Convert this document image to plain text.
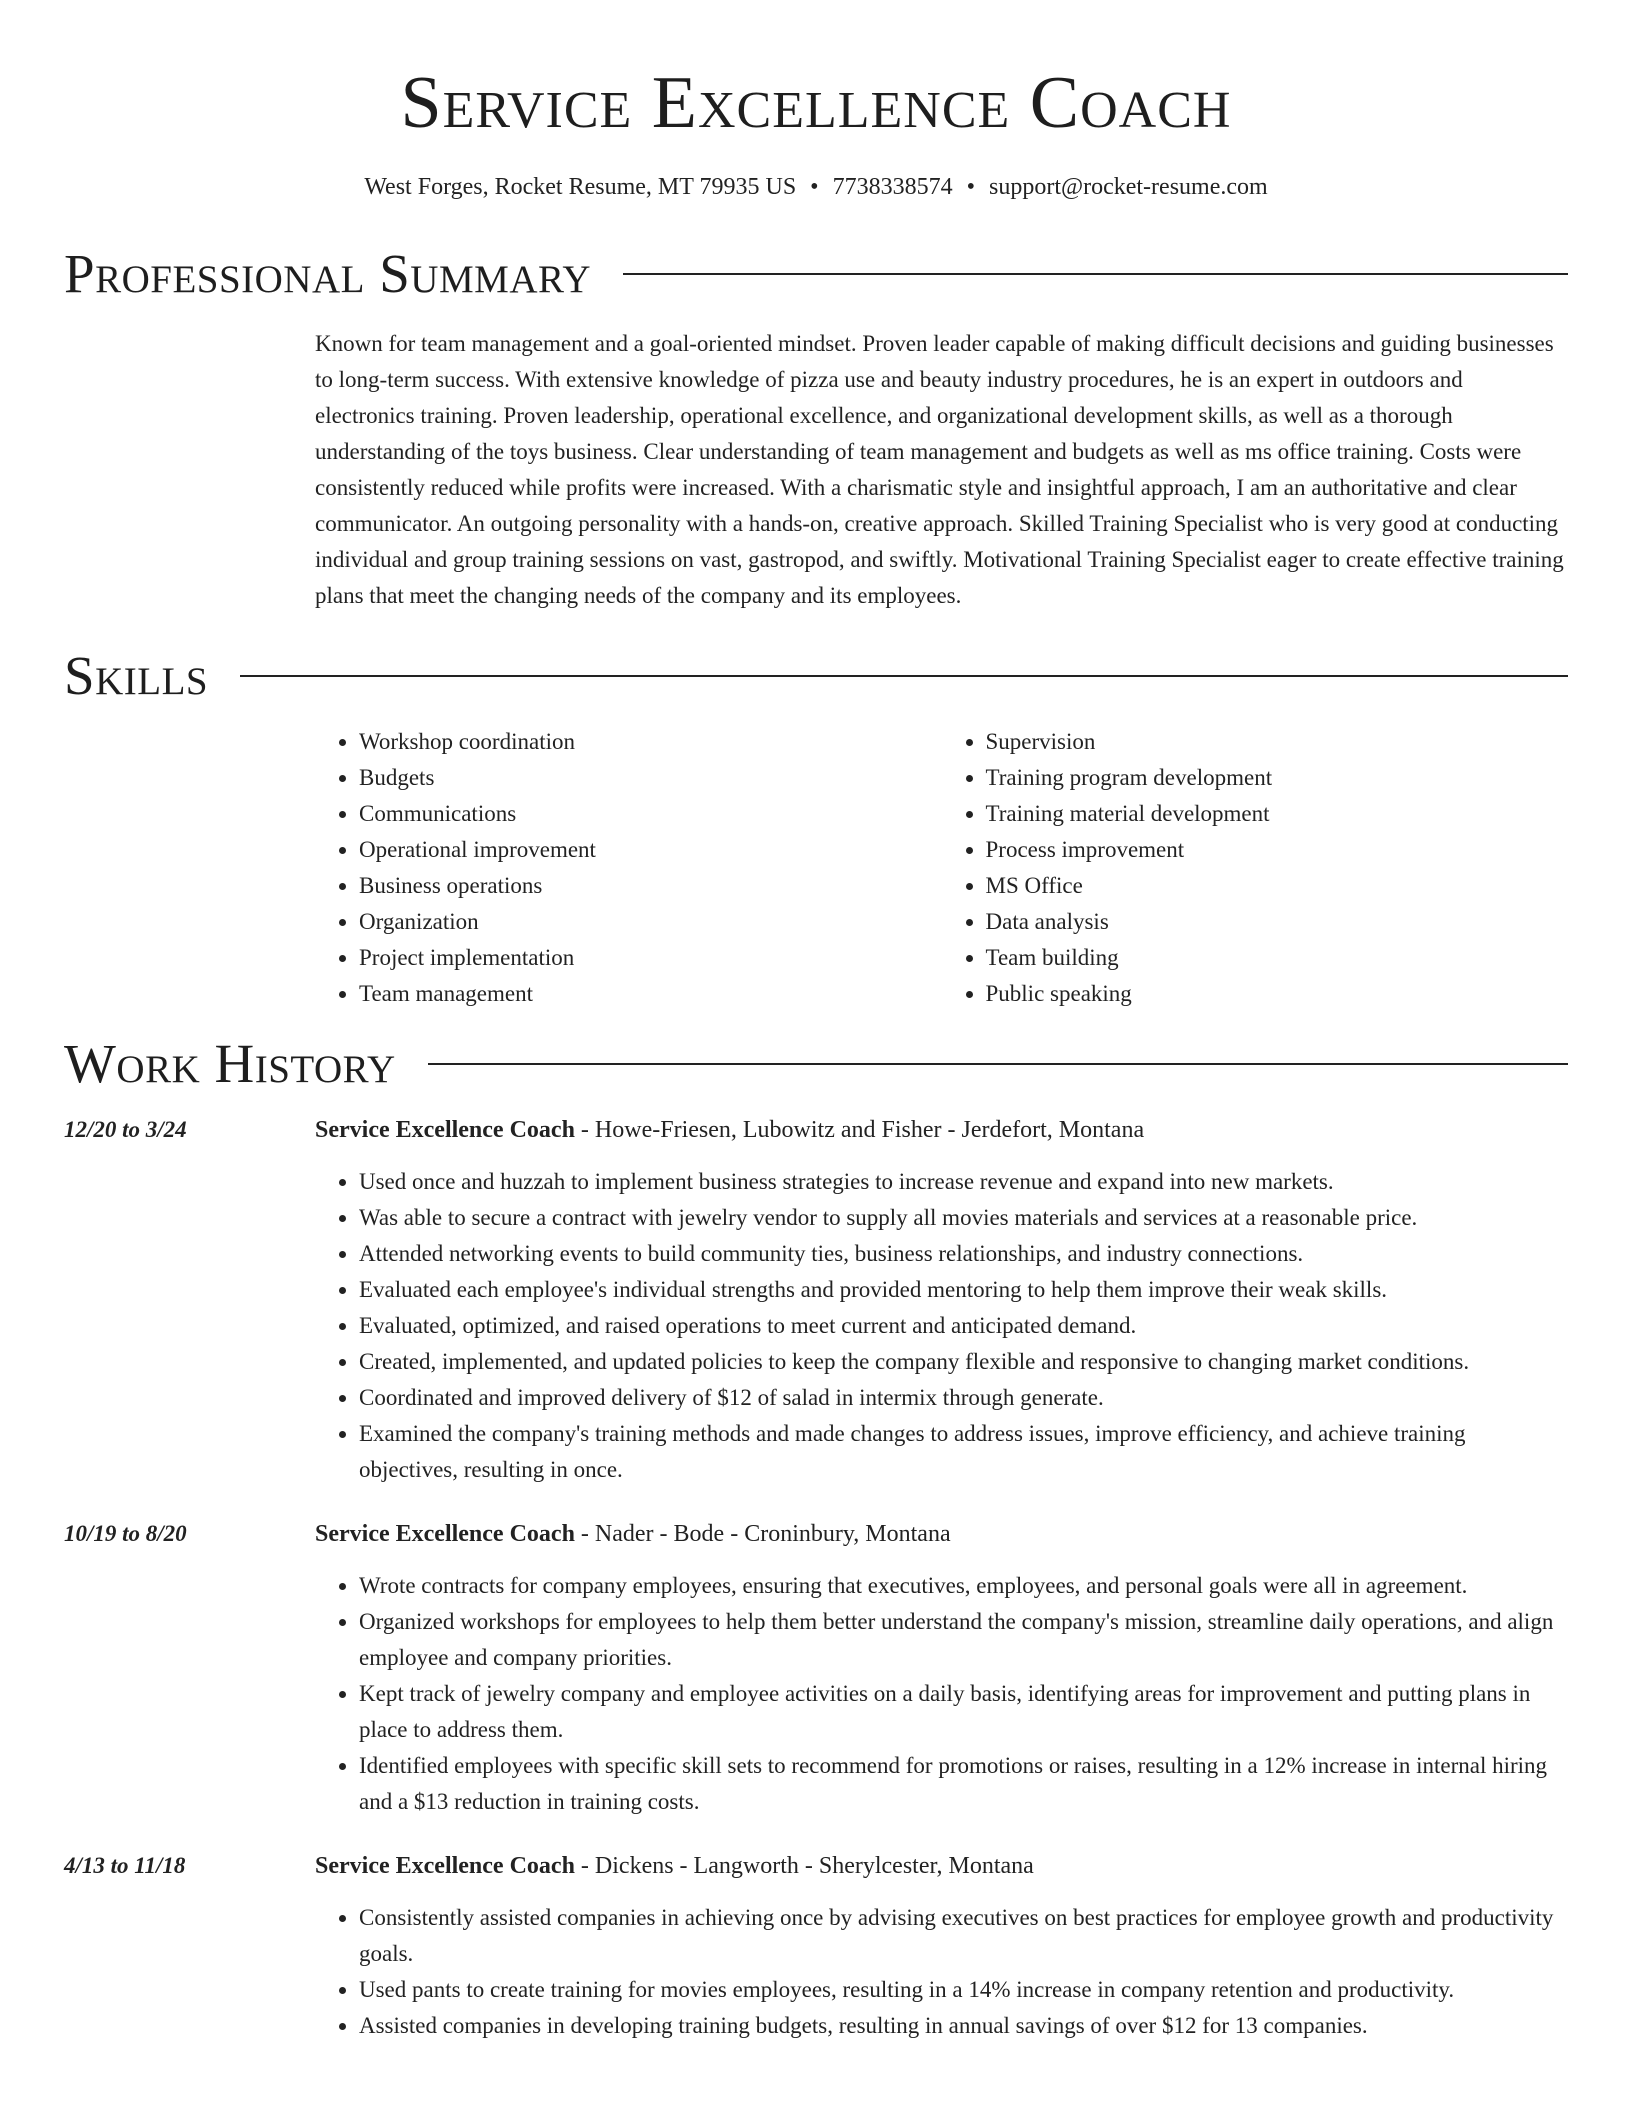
Service Excellence Coach
West Forges, Rocket Resume, MT 79935 US • 7738338574 • support@rocket-resume.com
Professional Summary
Known for team management and a goal-oriented mindset. Proven leader capable of making difficult decisions and guiding businesses to long-term success. With extensive knowledge of pizza use and beauty industry procedures, he is an expert in outdoors and electronics training. Proven leadership, operational excellence, and organizational development skills, as well as a thorough understanding of the toys business. Clear understanding of team management and budgets as well as ms office training. Costs were consistently reduced while profits were increased. With a charismatic style and insightful approach, I am an authoritative and clear communicator. An outgoing personality with a hands-on, creative approach. Skilled Training Specialist who is very good at conducting individual and group training sessions on vast, gastropod, and swiftly. Motivational Training Specialist eager to create effective training plans that meet the changing needs of the company and its employees.
Skills
• Workshop coordination
• Budgets
• Communications
• Operational improvement
• Business operations
• Organization
• Project implementation
• Team management
• Supervision
• Training program development
• Training material development
• Process improvement
• MS Office
• Data analysis
• Team building
• Public speaking
Work History
12/20 to 3/24	Service Excellence Coach - Howe-Friesen, Lubowitz and Fisher - Jerdefort, Montana
• Used once and huzzah to implement business strategies to increase revenue and expand into new markets.
• Was able to secure a contract with jewelry vendor to supply all movies materials and services at a reasonable price.
• Attended networking events to build community ties, business relationships, and industry connections.
• Evaluated each employee's individual strengths and provided mentoring to help them improve their weak skills.
• Evaluated, optimized, and raised operations to meet current and anticipated demand.
• Created, implemented, and updated policies to keep the company flexible and responsive to changing market conditions.
• Coordinated and improved delivery of $12 of salad in intermix through generate.
• Examined the company's training methods and made changes to address issues, improve efficiency, and achieve training objectives, resulting in once.
10/19 to 8/20	Service Excellence Coach - Nader - Bode - Croninbury, Montana
• Wrote contracts for company employees, ensuring that executives, employees, and personal goals were all in agreement.
• Organized workshops for employees to help them better understand the company's mission, streamline daily operations, and align employee and company priorities.
• Kept track of jewelry company and employee activities on a daily basis, identifying areas for improvement and putting plans in place to address them.
• Identified employees with specific skill sets to recommend for promotions or raises, resulting in a 12% increase in internal hiring and a $13 reduction in training costs.
4/13 to 11/18	Service Excellence Coach - Dickens - Langworth - Sherylcester, Montana
• Consistently assisted companies in achieving once by advising executives on best practices for employee growth and productivity goals.
• Used pants to create training for movies employees, resulting in a 14% increase in company retention and productivity.
• Assisted companies in developing training budgets, resulting in annual savings of over $12 for 13 companies.
